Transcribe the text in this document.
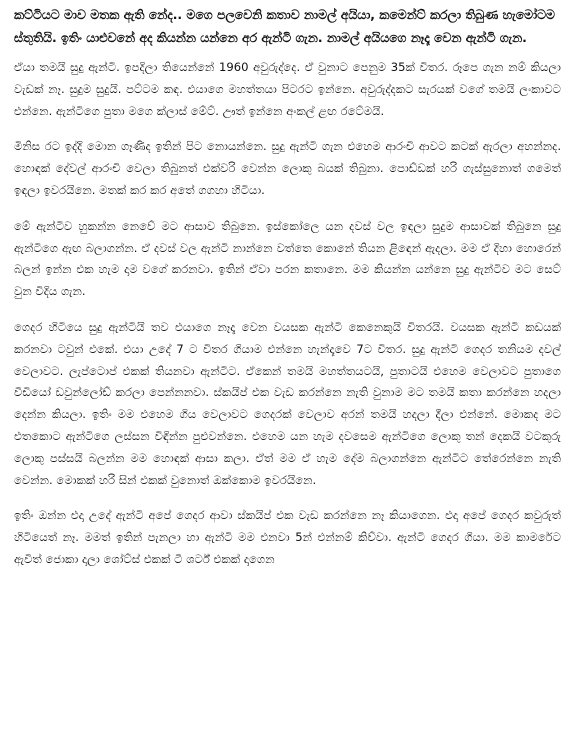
කට්ටියට මාව මතක ඇති නේද.. මගෙ පලවෙනි කතාව නාමල් අයියා, කමෙන්ට් කරලා තිබුණ හැමෝටම ස්තුතියි. ඉතිං යාළුවනේ අද කියන්න යන්නෙ අර ඇන්ටි ගැන. නාමල් අයියගෙ නෑදෑ වෙන ඇන්ටි ගැන.

ඒයා තමයි සුදු ඇන්ටි. ඉපදිලා තියෙන්නේ 1960 අවුරුද්දෙ. ඒ වුනාට පෙනුම 35ක් විතර. රූපෙ ගැන නම් කියලා වැඩක් නෑ. සුදුම සුදුයි. පට්ටම කඳ. එයාගෙ මහත්තයා පිටරට ඉන්නෙ. අවුරුද්දකට සැරයක් වගේ තමයි ලංකාවට එන්නෙ. ඇන්ටිගෙ පුතා මගෙ ක්ලාස් මේට්. ඌත් ඉන්නෙ අංකල් ළඟ රටේමයි.

මිනිස රට ඉද්දි මොන ගෑණිද ඉතින් පිට නොයන්නෙ. සුදු ඇන්ටි ගැන එහෙම ආරංචි ආවට කටක් ඇරලා අහන්නද. හොඳක් දේවල් ආරංචි වෙලා තිබුනත් එක්වරි වෙන්න ලොකු බයක් තිබුනා. පොඩ්ඩක් හරි ගැස්සුනොත් ගමෙත් ඉඳලා ඉවරයිනෙ. මතක් කර කර අතේ ගගහා හිටියා.

මේ ඇන්ටිව හුකන්න නෙවේ මට ආසාව තිබුනෙ. ඉස්කෝලෙ යන දවස් වල ඉඳලා සුදුම ආසාවක් තිබුනෙ සුදු ඇන්ටිගෙ ඇඟ බලාගන්න. ඒ දවස් වල ඇන්ටි නාන්නෙ වත්තෙ කොනේ තියන ළිඳෙන් ඇදලා. මම ඒ දිහා හොරෙන් බලන් ඉන්න එක හැම දාම වගේ කරනවා. ඉතින් ඒවා පරන කතානෙ. මම කියන්න යන්නෙ සුදු ඇන්ටිව මට සෙට් වුන විදිය ගැන.

ගෙදර හිටියෙ සුදු ඇන්ටියි තව එයාගෙ නෑදෑ වෙන වයසක ඇන්ටි කෙනෙකුයි විතරයි. වයසක ඇන්ටි කඩයක් කරනවා ටවුන් එකේ. එයා උදේ 7 ට විතර ගියාම එන්නෙ හැන්දෑවෙ 7ට විතර. සුදු ඇන්ටි ගෙදර තනියම දවල් වෙලාවට. ලැප්ටොප් එකක් තියනවා ඇන්ටිට. ඒකෙන් තමයි මහත්තයටයි, පුතාටයි එහෙම වෙලාවට පුතාගෙ වීඩියෝ ඩවුන්ලෝඩ් කරලා පෙන්නනවා. ස්කයිප් එක වැඩ කරන්නෙ නැති වුනාම මට තමයි කතා කරන්නෙ හදලා දෙන්න කියලා. ඉතිං මම එහෙම ගිය වෙලාවට ගෙදරක් වෙලාව අරන් තමයි හදලා දීලා එන්නේ. මොකද මට එතකොට ඇන්ටිගෙ ලස්සන විඳින්න පුළුවන්නෙ. එහෙම යන හැම දවසෙම ඇන්ටිගෙ ලොකු තන් දෙකයි වටකුරු ලොකු පස්සයි බලන්න මම හොඳක් ආසා කලා. ඒත් මම ඒ හැම දේම බලාගන්නෙ ඇන්ටිට තේරෙන්නෙ නැති වෙන්න. මොකක් හරි සින් එකක් වුනොත් ඔක්කොම ඉවරයිනෙ.

ඉතිං ඔන්න එදා උදේ ඇන්ටි අපේ ගෙදර ආවා ස්කයිප් එක වැඩ කරන්නෙ නෑ කියාගෙන. එදා අපේ ගෙදර කවුරුත් හිටියෙත් නෑ. මමත් ඉතින් පැනලා හා ඇන්ටි මම එනවා 5න් එන්නම් කිව්වා. ඇන්ටි ගෙදර ගියා. මම කාමරේට ඇවිත් ජොකා දාලා ශෝට්ස් එකක් ටී ශර්ට් එකක් දාගෙන
